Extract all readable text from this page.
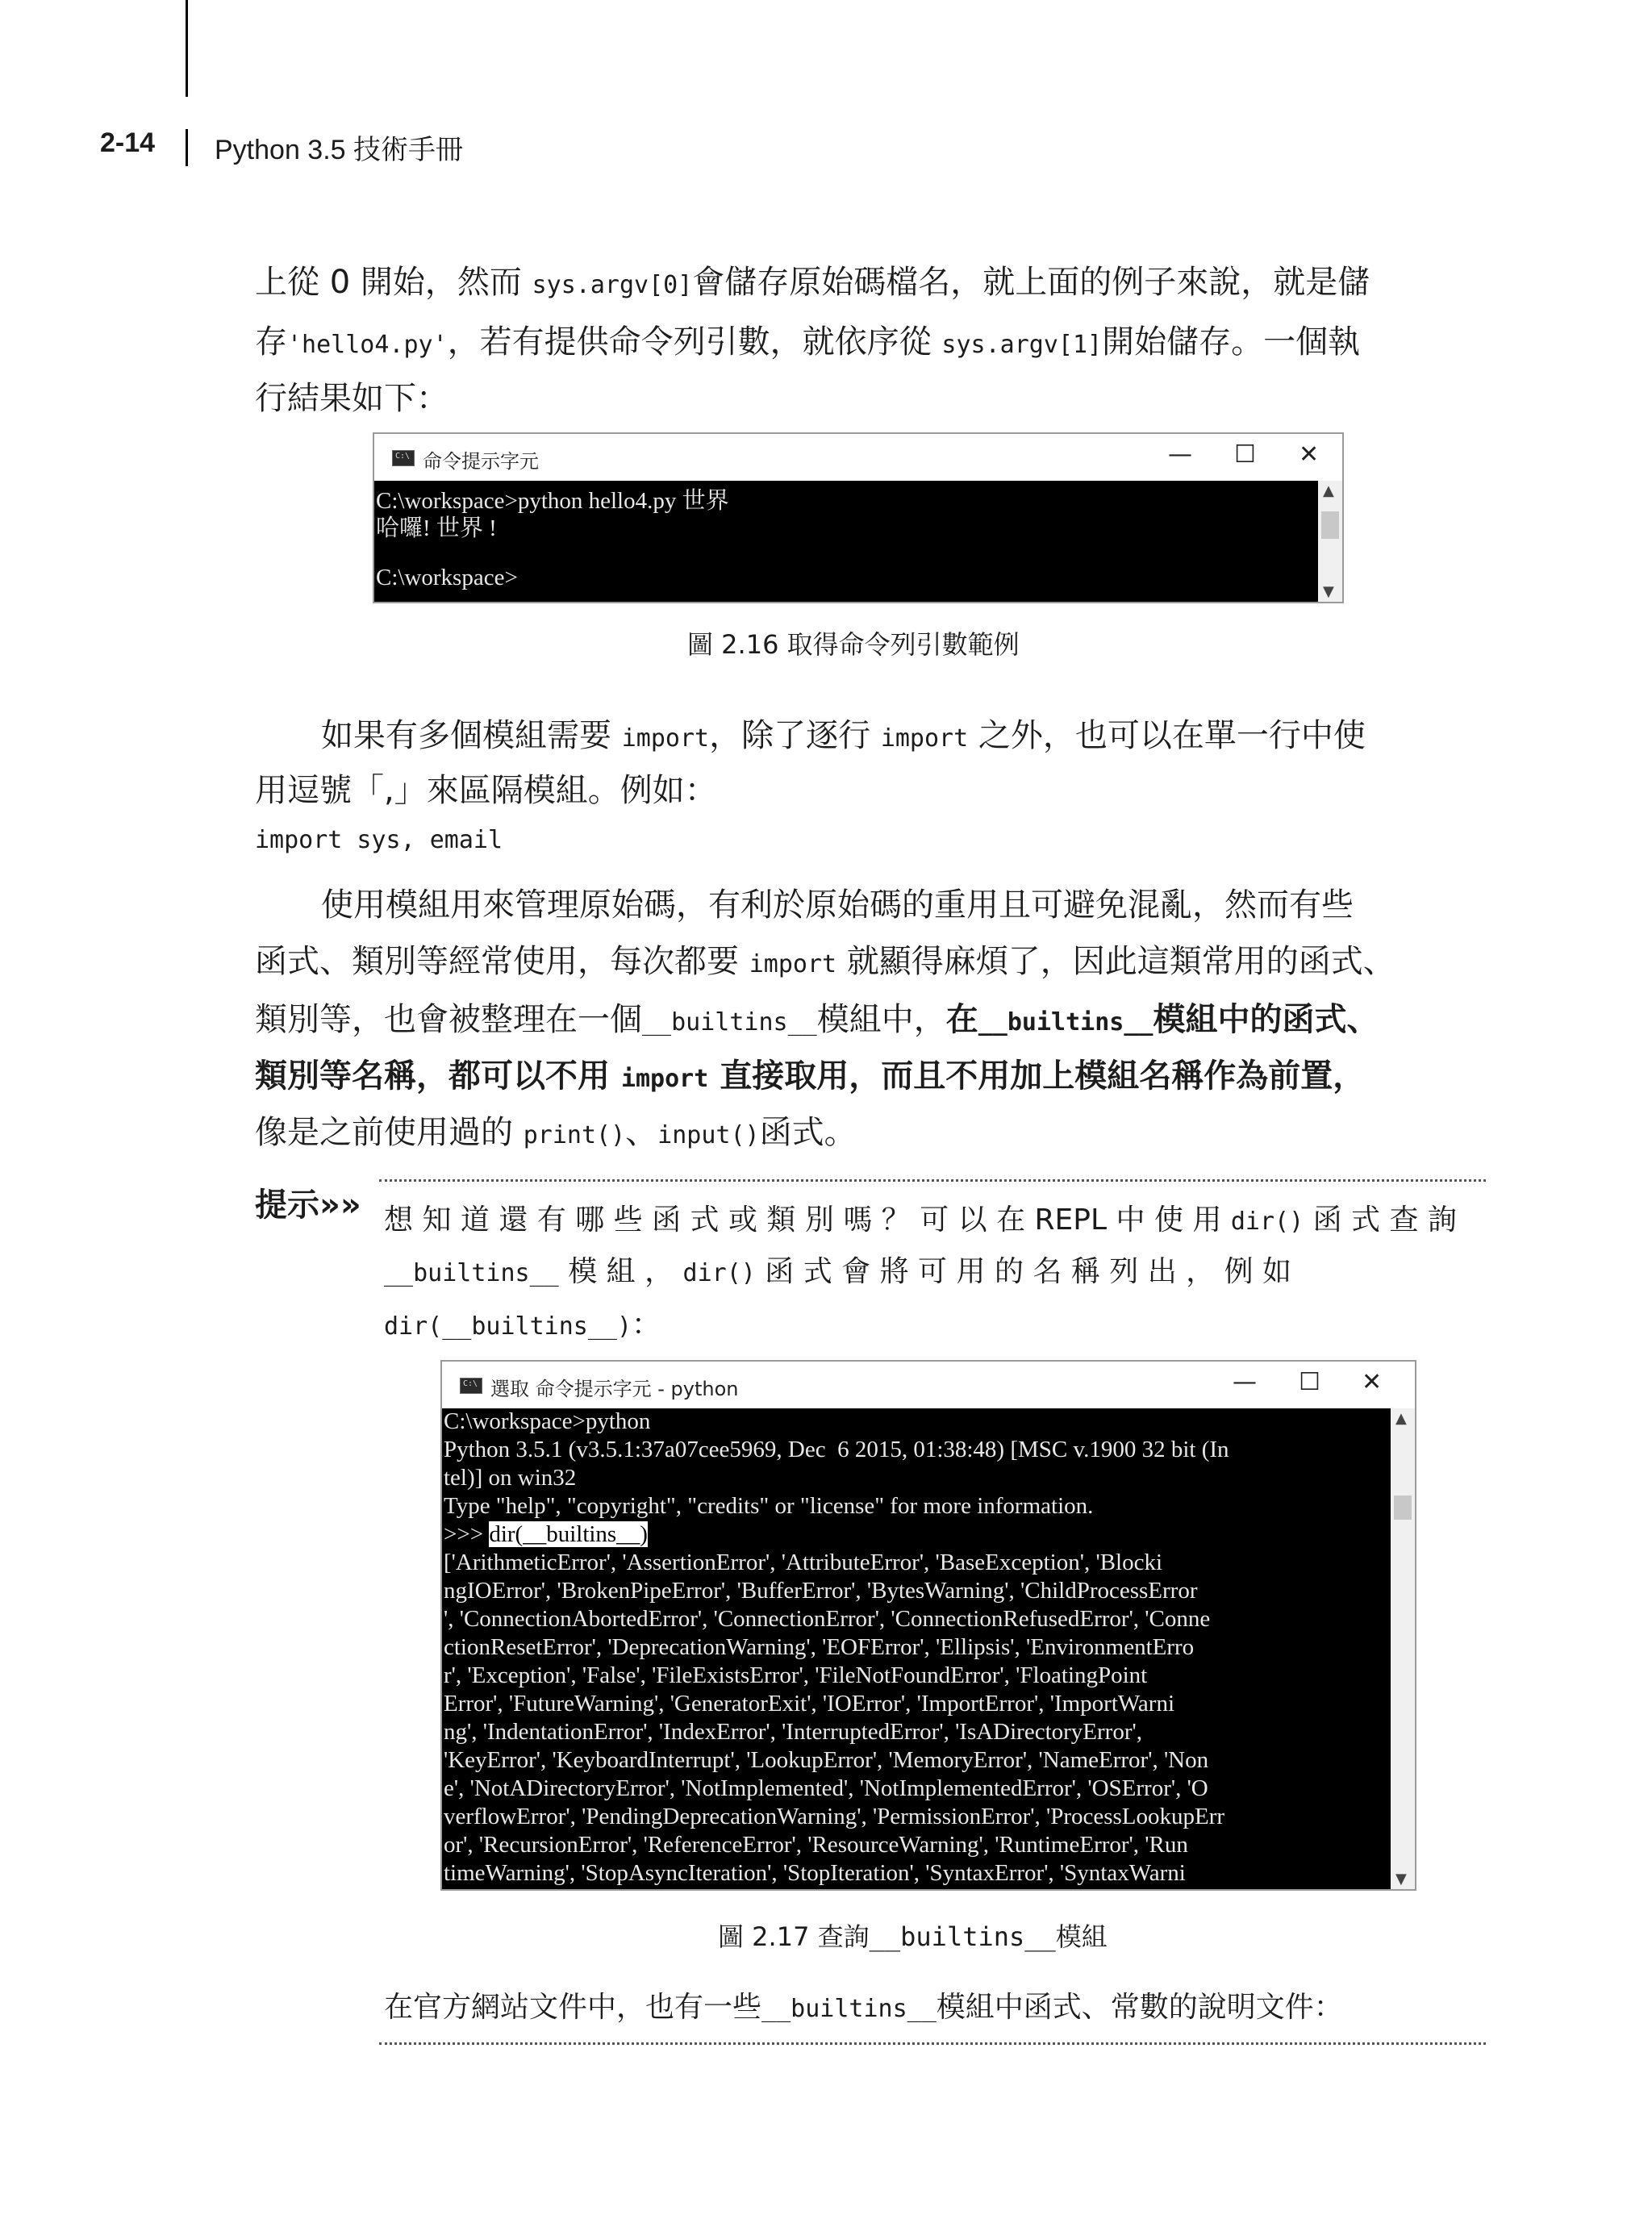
2-14 Python 3.5 技術手冊
上從 0 開始，然而 sys.argv[0]會儲存原始碼檔名，就上面的例子來說，就是儲
存'hello4.py'，若有提供命令列引數，就依序從 sys.argv[1]開始儲存。一個執
行結果如下：
C:\ 命令提示字元	— ☐ ✕
C:\workspace>python hello4.py 世界
哈囉! 世界 !
C:\workspace>
▲
▼
圖 2.16 取得命令列引數範例
如果有多個模組需要 import，除了逐行 import 之外，也可以在單一行中使
用逗號「,」來區隔模組。例如：
import sys, email
使用模組用來管理原始碼，有利於原始碼的重用且可避免混亂，然而有些
函式、類別等經常使用，每次都要 import 就顯得麻煩了，因此這類常用的函式、
類別等，也會被整理在一個__builtins__模組中，在__builtins__模組中的函式、
類別等名稱，都可以不用 import 直接取用，而且不用加上模組名稱作為前置，
像是之前使用過的 print()、input()函式。
提示»» 想 知 道 還 有 哪 些 函 式 或 類 別 嗎 ？ 可 以 在 REPL 中 使 用 dir() 函 式 查 詢
__builtins__ 模 組 ， dir() 函 式 會 將 可 用 的 名 稱 列 出 ， 例 如
dir(__builtins__)：
C:\ 選取 命令提示字元 - python	— ☐ ✕
C:\workspace>python
Python 3.5.1 (v3.5.1:37a07cee5969, Dec  6 2015, 01:38:48) [MSC v.1900 32 bit (In
tel)] on win32
Type "help", "copyright", "credits" or "license" for more information.
>>> dir(__builtins__)
['ArithmeticError', 'AssertionError', 'AttributeError', 'BaseException', 'Blocki
ngIOError', 'BrokenPipeError', 'BufferError', 'BytesWarning', 'ChildProcessError
', 'ConnectionAbortedError', 'ConnectionError', 'ConnectionRefusedError', 'Conne
ctionResetError', 'DeprecationWarning', 'EOFError', 'Ellipsis', 'EnvironmentErro
r', 'Exception', 'False', 'FileExistsError', 'FileNotFoundError', 'FloatingPoint
Error', 'FutureWarning', 'GeneratorExit', 'IOError', 'ImportError', 'ImportWarni
ng', 'IndentationError', 'IndexError', 'InterruptedError', 'IsADirectoryError',
'KeyError', 'KeyboardInterrupt', 'LookupError', 'MemoryError', 'NameError', 'Non
e', 'NotADirectoryError', 'NotImplemented', 'NotImplementedError', 'OSError', 'O
verflowError', 'PendingDeprecationWarning', 'PermissionError', 'ProcessLookupErr
or', 'RecursionError', 'ReferenceError', 'ResourceWarning', 'RuntimeError', 'Run
timeWarning', 'StopAsyncIteration', 'StopIteration', 'SyntaxError', 'SyntaxWarni
▲
▼
圖 2.17 查詢__builtins__模組
在官方網站文件中，也有一些__builtins__模組中函式、常數的說明文件：
